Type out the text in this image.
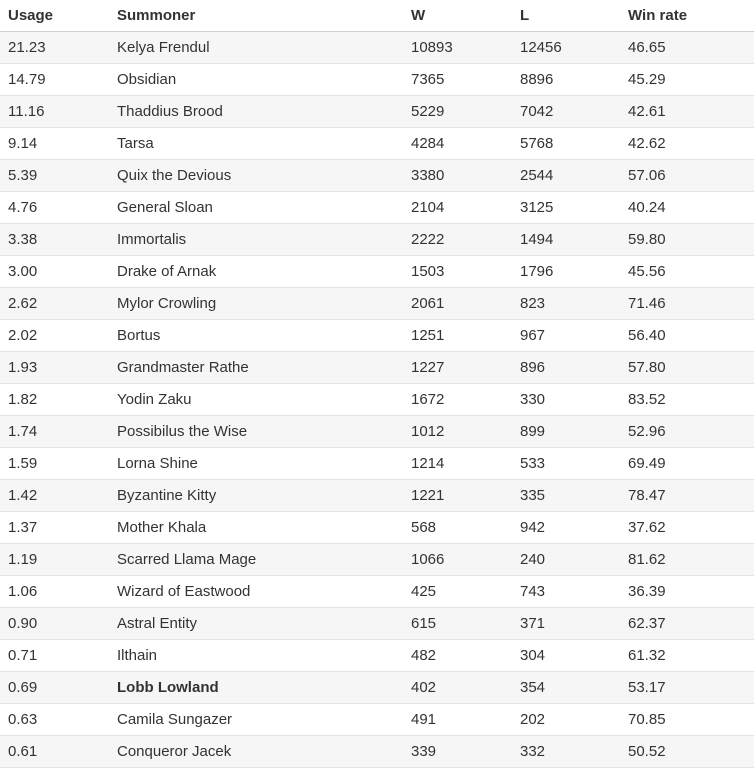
Usage	Summoner	W	L	Win rate
21.23	Kelya Frendul	10893	12456	46.65
14.79	Obsidian	7365	8896	45.29
11.16	Thaddius Brood	5229	7042	42.61
9.14	Tarsa	4284	5768	42.62
5.39	Quix the Devious	3380	2544	57.06
4.76	General Sloan	2104	3125	40.24
3.38	Immortalis	2222	1494	59.80
3.00	Drake of Arnak	1503	1796	45.56
2.62	Mylor Crowling	2061	823	71.46
2.02	Bortus	1251	967	56.40
1.93	Grandmaster Rathe	1227	896	57.80
1.82	Yodin Zaku	1672	330	83.52
1.74	Possibilus the Wise	1012	899	52.96
1.59	Lorna Shine	1214	533	69.49
1.42	Byzantine Kitty	1221	335	78.47
1.37	Mother Khala	568	942	37.62
1.19	Scarred Llama Mage	1066	240	81.62
1.06	Wizard of Eastwood	425	743	36.39
0.90	Astral Entity	615	371	62.37
0.71	Ilthain	482	304	61.32
0.69	Lobb Lowland	402	354	53.17
0.63	Camila Sungazer	491	202	70.85
0.61	Conqueror Jacek	339	332	50.52
